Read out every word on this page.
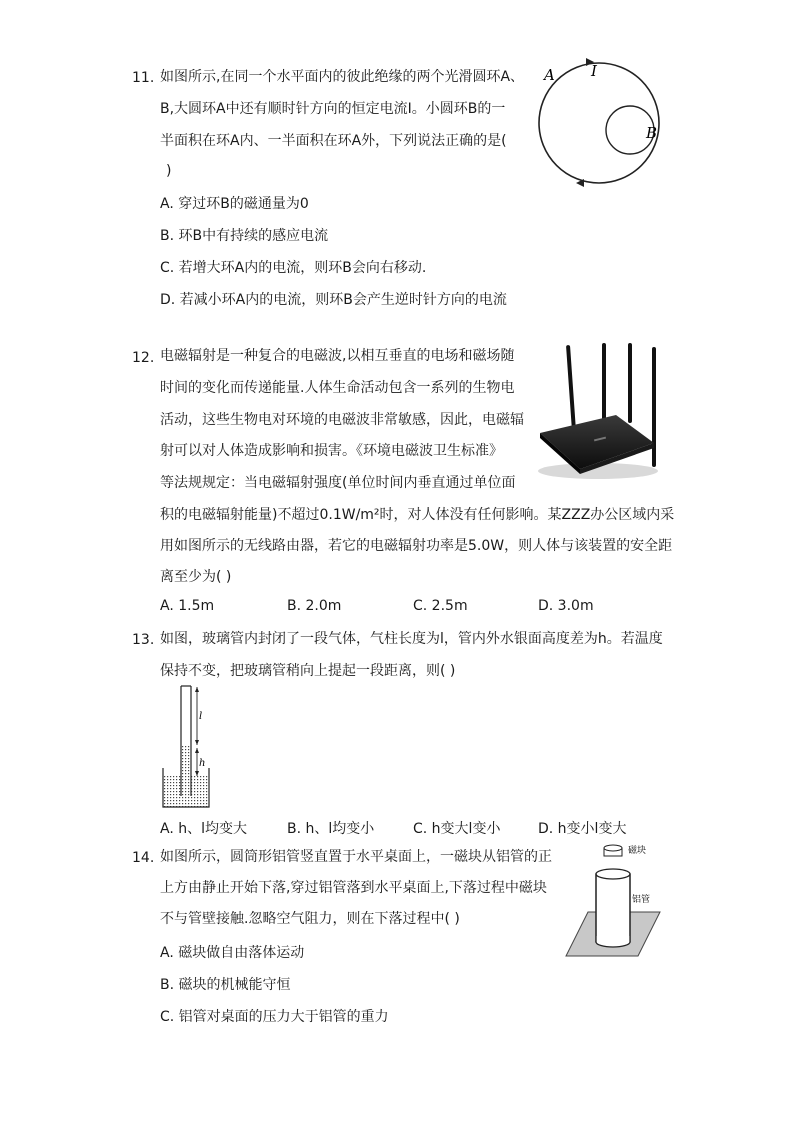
11. 如图所示,在同一个水平面内的彼此绝缘的两个光滑圆环A、
B,大圆环A中还有顺时针方向的恒定电流I。小圆环B的一
半面积在环A内、一半面积在环A外，下列说法正确的是(
)
A. 穿过环B的磁通量为0
B. 环B中有持续的感应电流
C. 若增大环A内的电流，则环B会向右移动.
D. 若减小环A内的电流，则环B会产生逆时针方向的电流
A I
B
12. 电磁辐射是一种复合的电磁波,以相互垂直的电场和磁场随
时间的变化而传递能量.人体生命活动包含一系列的生物电
活动，这些生物电对环境的电磁波非常敏感，因此，电磁辐
射可以对人体造成影响和损害。《环境电磁波卫生标准》
等法规规定：当电磁辐射强度(单位时间内垂直通过单位面
积的电磁辐射能量)不超过0.1W/m²时，对人体没有任何影响。某ZZZ办公区域内采
用如图所示的无线路由器，若它的电磁辐射功率是5.0W，则人体与该装置的安全距
离至少为( )
A. 1.5m	B. 2.0m	C. 2.5m	D. 3.0m
13. 如图，玻璃管内封闭了一段气体，气柱长度为l，管内外水银面高度差为h。若温度
保持不变，把玻璃管稍向上提起一段距离，则( )
l
h
A. h、l均变大	B. h、l均变小	C. h变大l变小	D. h变小l变大
14. 如图所示，圆筒形铝管竖直置于水平桌面上，一磁块从铝管的正
上方由静止开始下落,穿过铝管落到水平桌面上,下落过程中磁块
不与管壁接触.忽略空气阻力，则在下落过程中( )
A. 磁块做自由落体运动
B. 磁块的机械能守恒
C. 铝管对桌面的压力大于铝管的重力
磁块
铝管
